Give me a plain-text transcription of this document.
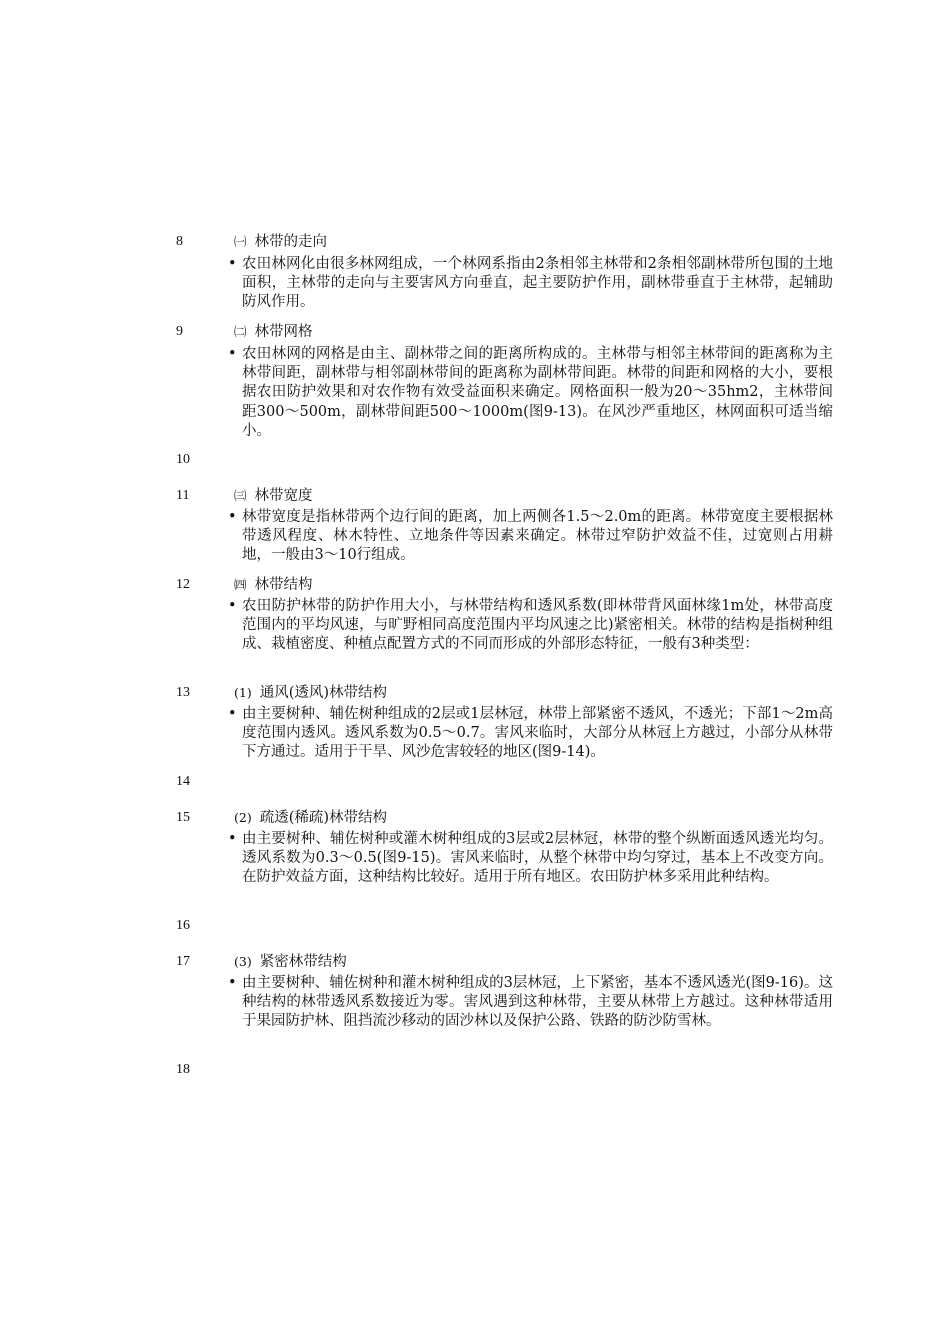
8	㈠ 林带的走向
• 农田林网化由很多林网组成，一个林网系指由2条相邻主林带和2条相邻副林带所包围的土地面积，主林带的走向与主要害风方向垂直，起主要防护作用，副林带垂直于主林带，起辅助防风作用。
9	㈡ 林带网格
• 农田林网的网格是由主、副林带之间的距离所构成的。主林带与相邻主林带间的距离称为主林带间距，副林带与相邻副林带间的距离称为副林带间距。林带的间距和网格的大小，要根据农田防护效果和对农作物有效受益面积来确定。网格面积一般为20～35hm2，主林带间距300～500m，副林带间距500～1000m(图9-13)。在风沙严重地区，林网面积可适当缩小。
10
11	㈢ 林带宽度
• 林带宽度是指林带两个边行间的距离，加上两侧各1.5～2.0m的距离。林带宽度主要根据林带透风程度、林木特性、立地条件等因素来确定。林带过窄防护效益不佳，过宽则占用耕地，一般由3～10行组成。
12	㈣ 林带结构
• 农田防护林带的防护作用大小，与林带结构和透风系数(即林带背风面林缘1m处，林带高度范围内的平均风速，与旷野相同高度范围内平均风速之比)紧密相关。林带的结构是指树种组成、栽植密度、种植点配置方式的不同而形成的外部形态特征，一般有3种类型：
13	(1) 通风(透风)林带结构
• 由主要树种、辅佐树种组成的2层或1层林冠，林带上部紧密不透风，不透光；下部1～2m高度范围内透风。透风系数为0.5～0.7。害风来临时，大部分从林冠上方越过，小部分从林带下方通过。适用于干旱、风沙危害较轻的地区(图9-14)。
14
15	(2) 疏透(稀疏)林带结构
• 由主要树种、辅佐树种或灌木树种组成的3层或2层林冠，林带的整个纵断面透风透光均匀。透风系数为0.3～0.5(图9-15)。害风来临时，从整个林带中均匀穿过，基本上不改变方向。在防护效益方面，这种结构比较好。适用于所有地区。农田防护林多采用此种结构。
16
17	(3) 紧密林带结构
• 由主要树种、辅佐树种和灌木树种组成的3层林冠，上下紧密，基本不透风透光(图9-16)。这种结构的林带透风系数接近为零。害风遇到这种林带，主要从林带上方越过。这种林带适用于果园防护林、阻挡流沙移动的固沙林以及保护公路、铁路的防沙防雪林。
18
